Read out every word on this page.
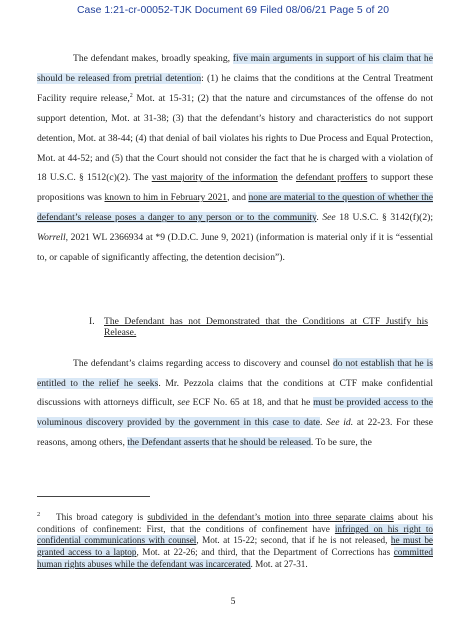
Case 1:21-cr-00052-TJK Document 69 Filed 08/06/21 Page 5 of 20

The defendant makes, broadly speaking, five main arguments in support of his claim that he should be released from pretrial detention: (1) he claims that the conditions at the Central Treatment Facility require release,$^2$ Mot. at 15-31; (2) that the nature and circumstances of the offense do not support detention, Mot. at 31-38; (3) that the defendant’s history and characteristics do not support detention, Mot. at 38-44; (4) that denial of bail violates his rights to Due Process and Equal Protection, Mot. at 44-52; and (5) that the Court should not consider the fact that he is charged with a violation of 18 U.S.C. § 1512(c)(2). The vast majority of the information the defendant proffers to support these propositions was known to him in February 2021, and none are material to the question of whether the defendant’s release poses a danger to any person or to the community. See 18 U.S.C. § 3142(f)(2); Worrell, 2021 WL 2366934 at *9 (D.D.C. June 9, 2021) (information is material only if it is “essential to, or capable of significantly affecting, the detention decision”).

I. The Defendant has not Demonstrated that the Conditions at CTF Justify his Release.

The defendant’s claims regarding access to discovery and counsel do not establish that he is entitled to the relief he seeks. Mr. Pezzola claims that the conditions at CTF make confidential discussions with attorneys difficult, see ECF No. 65 at 18, and that he must be provided access to the voluminous discovery provided by the government in this case to date. See id. at 22-23. For these reasons, among others, the Defendant asserts that he should be released. To be sure, the

2	This broad category is subdivided in the defendant’s motion into three separate claims about his conditions of confinement: First, that the conditions of confinement have infringed on his right to confidential communications with counsel, Mot. at 15-22; second, that if he is not released, he must be granted access to a laptop, Mot. at 22-26; and third, that the Department of Corrections has committed human rights abuses while the defendant was incarcerated. Mot. at 27-31.
5
